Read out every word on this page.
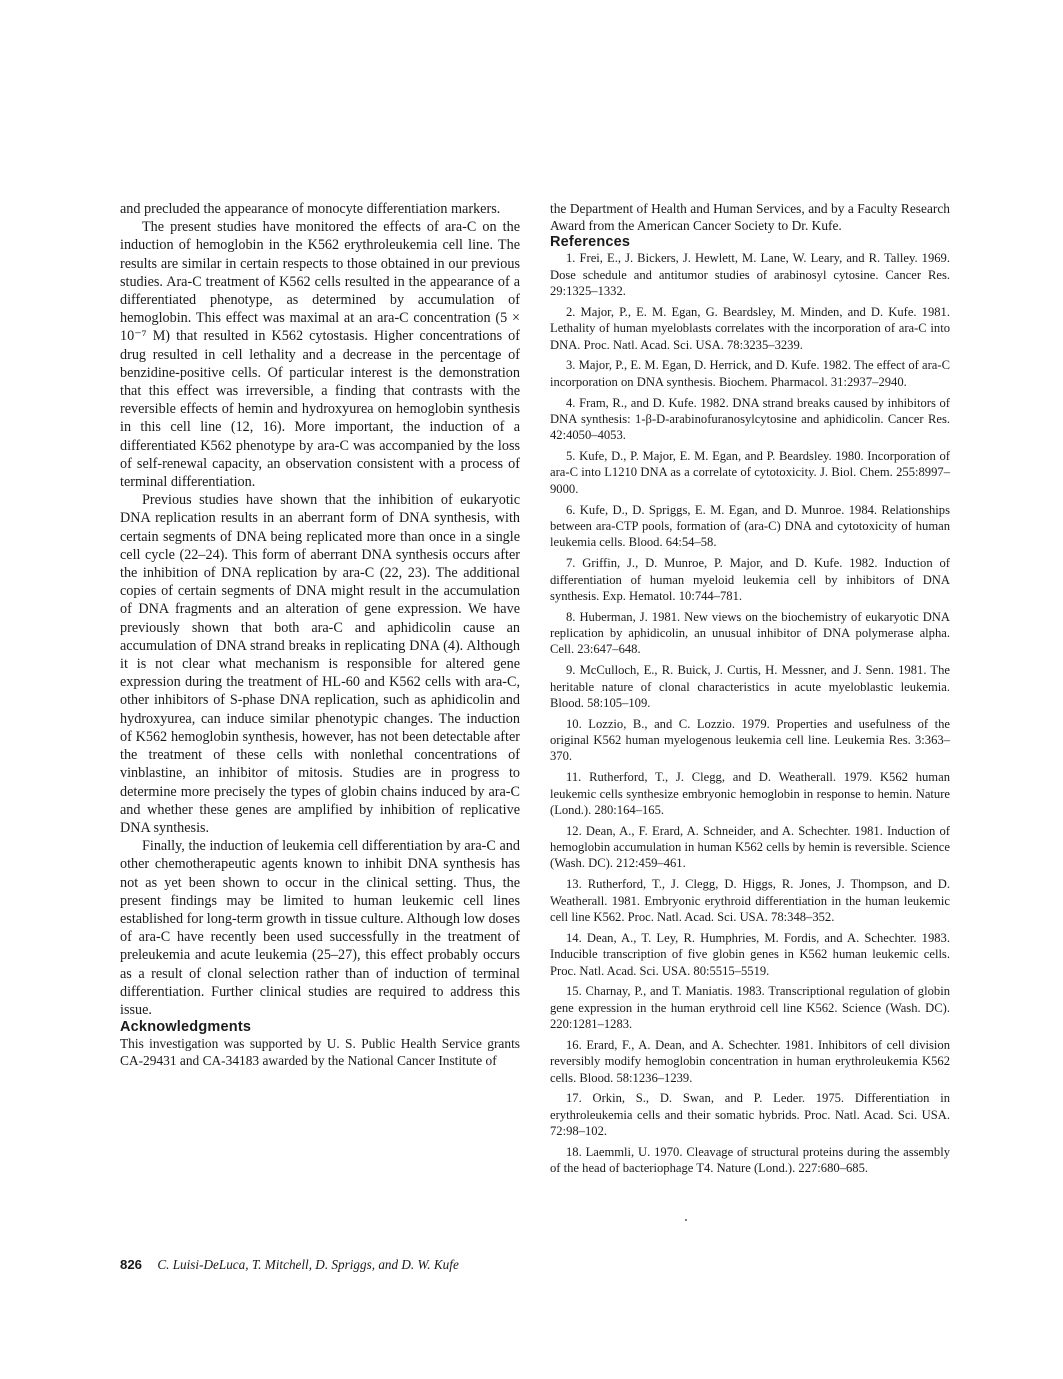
and precluded the appearance of monocyte differentiation markers.

The present studies have monitored the effects of ara-C on the induction of hemoglobin in the K562 erythroleukemia cell line. The results are similar in certain respects to those obtained in our previous studies. Ara-C treatment of K562 cells resulted in the appearance of a differentiated phenotype, as determined by accumulation of hemoglobin. This effect was maximal at an ara-C concentration (5 × 10⁻⁷ M) that resulted in K562 cytostasis. Higher concentrations of drug resulted in cell lethality and a decrease in the percentage of benzidine-positive cells. Of particular interest is the demonstration that this effect was irreversible, a finding that contrasts with the reversible effects of hemin and hydroxyurea on hemoglobin synthesis in this cell line (12, 16). More important, the induction of a differentiated K562 phenotype by ara-C was accompanied by the loss of self-renewal capacity, an observation consistent with a process of terminal differentiation.

Previous studies have shown that the inhibition of eukaryotic DNA replication results in an aberrant form of DNA synthesis, with certain segments of DNA being replicated more than once in a single cell cycle (22–24). This form of aberrant DNA synthesis occurs after the inhibition of DNA replication by ara-C (22, 23). The additional copies of certain segments of DNA might result in the accumulation of DNA fragments and an alteration of gene expression. We have previously shown that both ara-C and aphidicolin cause an accumulation of DNA strand breaks in replicating DNA (4). Although it is not clear what mechanism is responsible for altered gene expression during the treatment of HL-60 and K562 cells with ara-C, other inhibitors of S-phase DNA replication, such as aphidicolin and hydroxyurea, can induce similar phenotypic changes. The induction of K562 hemoglobin synthesis, however, has not been detectable after the treatment of these cells with nonlethal concentrations of vinblastine, an inhibitor of mitosis. Studies are in progress to determine more precisely the types of globin chains induced by ara-C and whether these genes are amplified by inhibition of replicative DNA synthesis.

Finally, the induction of leukemia cell differentiation by ara-C and other chemotherapeutic agents known to inhibit DNA synthesis has not as yet been shown to occur in the clinical setting. Thus, the present findings may be limited to human leukemic cell lines established for long-term growth in tissue culture. Although low doses of ara-C have recently been used successfully in the treatment of preleukemia and acute leukemia (25–27), this effect probably occurs as a result of clonal selection rather than of induction of terminal differentiation. Further clinical studies are required to address this issue.

Acknowledgments

This investigation was supported by U. S. Public Health Service grants CA-29431 and CA-34183 awarded by the National Cancer Institute of

the Department of Health and Human Services, and by a Faculty Research Award from the American Cancer Society to Dr. Kufe.

References
1. Frei, E., J. Bickers, J. Hewlett, M. Lane, W. Leary, and R. Talley. 1969. Dose schedule and antitumor studies of arabinosyl cytosine. Cancer Res. 29:1325–1332.
2. Major, P., E. M. Egan, G. Beardsley, M. Minden, and D. Kufe. 1981. Lethality of human myeloblasts correlates with the incorporation of ara-C into DNA. Proc. Natl. Acad. Sci. USA. 78:3235–3239.
3. Major, P., E. M. Egan, D. Herrick, and D. Kufe. 1982. The effect of ara-C incorporation on DNA synthesis. Biochem. Pharmacol. 31:2937–2940.
4. Fram, R., and D. Kufe. 1982. DNA strand breaks caused by inhibitors of DNA synthesis: 1-β-D-arabinofuranosylcytosine and aphidicolin. Cancer Res. 42:4050–4053.
5. Kufe, D., P. Major, E. M. Egan, and P. Beardsley. 1980. Incorporation of ara-C into L1210 DNA as a correlate of cytotoxicity. J. Biol. Chem. 255:8997–9000.
6. Kufe, D., D. Spriggs, E. M. Egan, and D. Munroe. 1984. Relationships between ara-CTP pools, formation of (ara-C) DNA and cytotoxicity of human leukemia cells. Blood. 64:54–58.
7. Griffin, J., D. Munroe, P. Major, and D. Kufe. 1982. Induction of differentiation of human myeloid leukemia cell by inhibitors of DNA synthesis. Exp. Hematol. 10:744–781.
8. Huberman, J. 1981. New views on the biochemistry of eukaryotic DNA replication by aphidicolin, an unusual inhibitor of DNA polymerase alpha. Cell. 23:647–648.
9. McCulloch, E., R. Buick, J. Curtis, H. Messner, and J. Senn. 1981. The heritable nature of clonal characteristics in acute myeloblastic leukemia. Blood. 58:105–109.
10. Lozzio, B., and C. Lozzio. 1979. Properties and usefulness of the original K562 human myelogenous leukemia cell line. Leukemia Res. 3:363–370.
11. Rutherford, T., J. Clegg, and D. Weatherall. 1979. K562 human leukemic cells synthesize embryonic hemoglobin in response to hemin. Nature (Lond.). 280:164–165.
12. Dean, A., F. Erard, A. Schneider, and A. Schechter. 1981. Induction of hemoglobin accumulation in human K562 cells by hemin is reversible. Science (Wash. DC). 212:459–461.
13. Rutherford, T., J. Clegg, D. Higgs, R. Jones, J. Thompson, and D. Weatherall. 1981. Embryonic erythroid differentiation in the human leukemic cell line K562. Proc. Natl. Acad. Sci. USA. 78:348–352.
14. Dean, A., T. Ley, R. Humphries, M. Fordis, and A. Schechter. 1983. Inducible transcription of five globin genes in K562 human leukemic cells. Proc. Natl. Acad. Sci. USA. 80:5515–5519.
15. Charnay, P., and T. Maniatis. 1983. Transcriptional regulation of globin gene expression in the human erythroid cell line K562. Science (Wash. DC). 220:1281–1283.
16. Erard, F., A. Dean, and A. Schechter. 1981. Inhibitors of cell division reversibly modify hemoglobin concentration in human erythroleukemia K562 cells. Blood. 58:1236–1239.
17. Orkin, S., D. Swan, and P. Leder. 1975. Differentiation in erythroleukemia cells and their somatic hybrids. Proc. Natl. Acad. Sci. USA. 72:98–102.
18. Laemmli, U. 1970. Cleavage of structural proteins during the assembly of the head of bacteriophage T4. Nature (Lond.). 227:680–685.
826 C. Luisi-DeLuca, T. Mitchell, D. Spriggs, and D. W. Kufe
